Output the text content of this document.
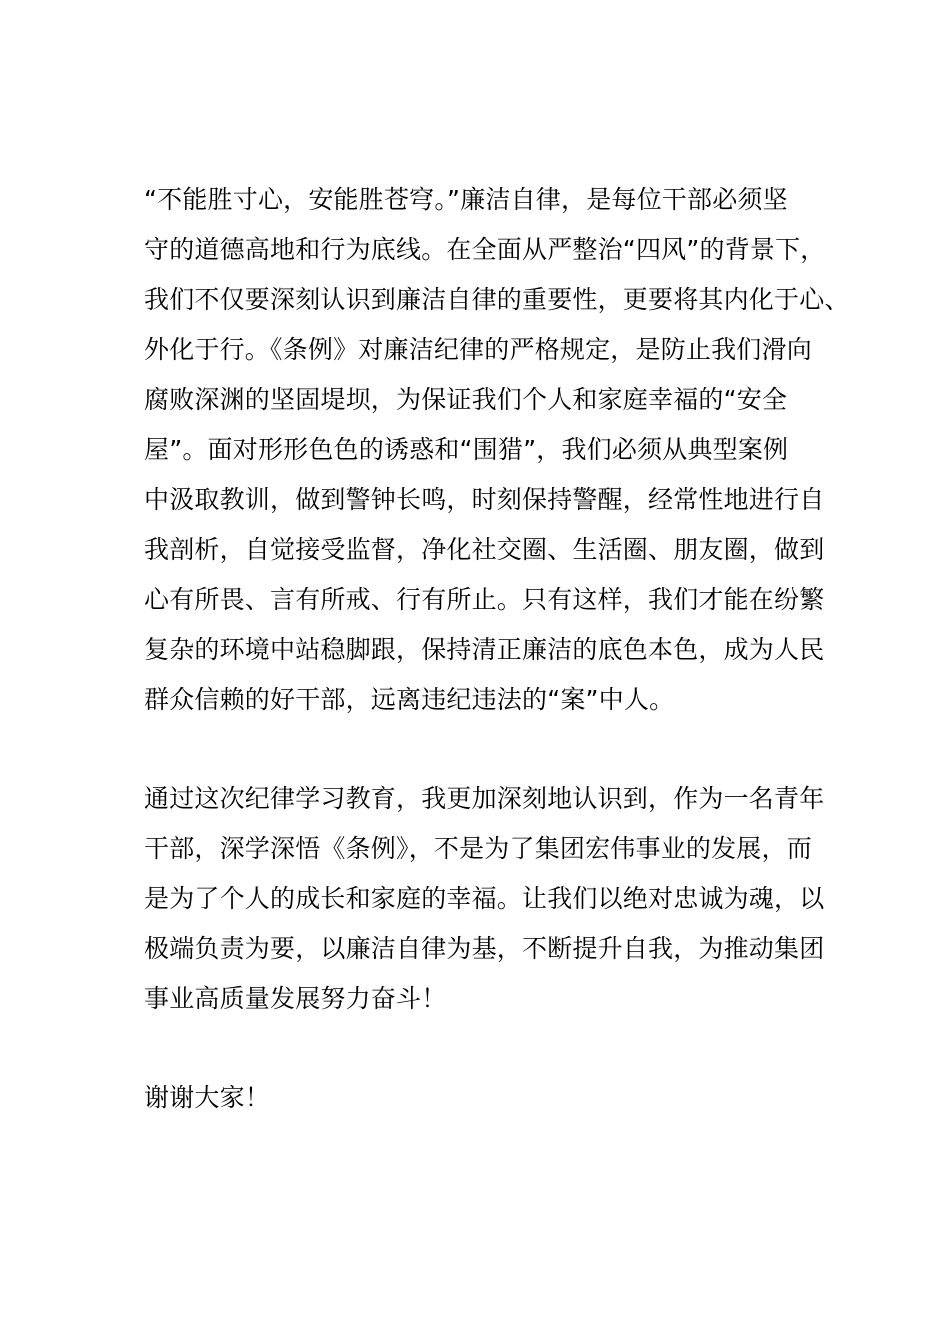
“不能胜寸心，安能胜苍穹。”廉洁自律，是每位干部必须坚
守的道德高地和行为底线。在全面从严整治“四风”的背景下，
我们不仅要深刻认识到廉洁自律的重要性，更要将其内化于心、
外化于行。《条例》对廉洁纪律的严格规定，是防止我们滑向
腐败深渊的坚固堤坝，为保证我们个人和家庭幸福的“安全
屋”。面对形形色色的诱惑和“围猎”，我们必须从典型案例
中汲取教训，做到警钟长鸣，时刻保持警醒，经常性地进行自
我剖析，自觉接受监督，净化社交圈、生活圈、朋友圈，做到
心有所畏、言有所戒、行有所止。只有这样，我们才能在纷繁
复杂的环境中站稳脚跟，保持清正廉洁的底色本色，成为人民
群众信赖的好干部，远离违纪违法的“案”中人。
通过这次纪律学习教育，我更加深刻地认识到，作为一名青年
干部，深学深悟《条例》，不是为了集团宏伟事业的发展，而
是为了个人的成长和家庭的幸福。让我们以绝对忠诚为魂，以
极端负责为要，以廉洁自律为基，不断提升自我，为推动集团
事业高质量发展努力奋斗！
谢谢大家！
